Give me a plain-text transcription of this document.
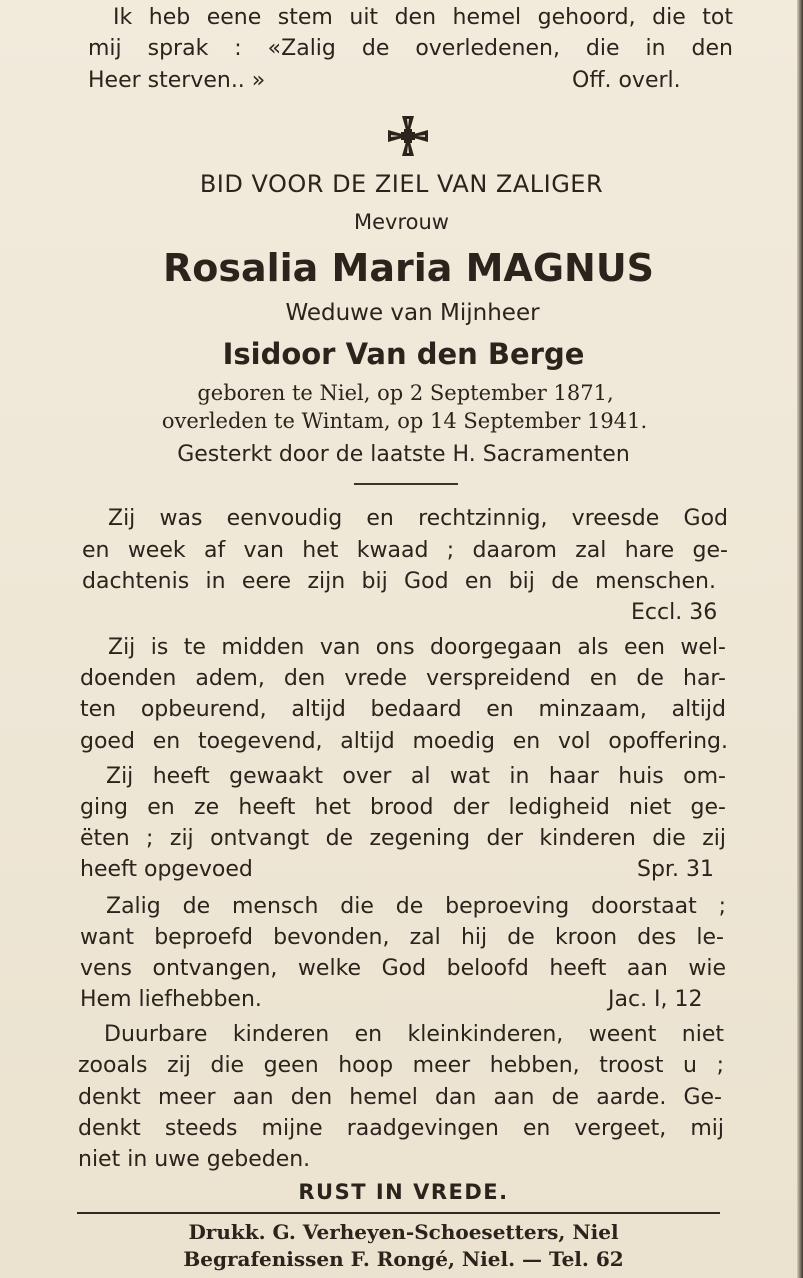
Ik heb eene stem uit den hemel gehoord, die tot
mij sprak : «Zalig de overledenen, die in den
Heer sterven.. »	Off. overl.
BID VOOR DE ZIEL VAN ZALIGER
Mevrouw
Rosalia Maria MAGNUS
Weduwe van Mijnheer
Isidoor Van den Berge
geboren te Niel, op 2 September 1871,
overleden te Wintam, op 14 September 1941.
Gesterkt door de laatste H. Sacramenten
Zij was eenvoudig en rechtzinnig, vreesde God
en week af van het kwaad ; daarom zal hare ge-
dachtenis in eere zijn bij God en bij de menschen.
Eccl. 36
Zij is te midden van ons doorgegaan als een wel-
doenden adem, den vrede verspreidend en de har-
ten opbeurend, altijd bedaard en minzaam, altijd
goed en toegevend, altijd moedig en vol opoffering.
Zij heeft gewaakt over al wat in haar huis om-
ging en ze heeft het brood der ledigheid niet ge-
ëten ; zij ontvangt de zegening der kinderen die zij
heeft opgevoed	Spr. 31
Zalig de mensch die de beproeving doorstaat ;
want beproefd bevonden, zal hij de kroon des le-
vens ontvangen, welke God beloofd heeft aan wie
Hem liefhebben.	Jac. I, 12
Duurbare kinderen en kleinkinderen, weent niet
zooals zij die geen hoop meer hebben, troost u ;
denkt meer aan den hemel dan aan de aarde. Ge-
denkt steeds mijne raadgevingen en vergeet, mij
niet in uwe gebeden.
RUST IN VREDE.
Drukk. G. Verheyen-Schoesetters, Niel
Begrafenissen F. Rongé, Niel. — Tel. 62
